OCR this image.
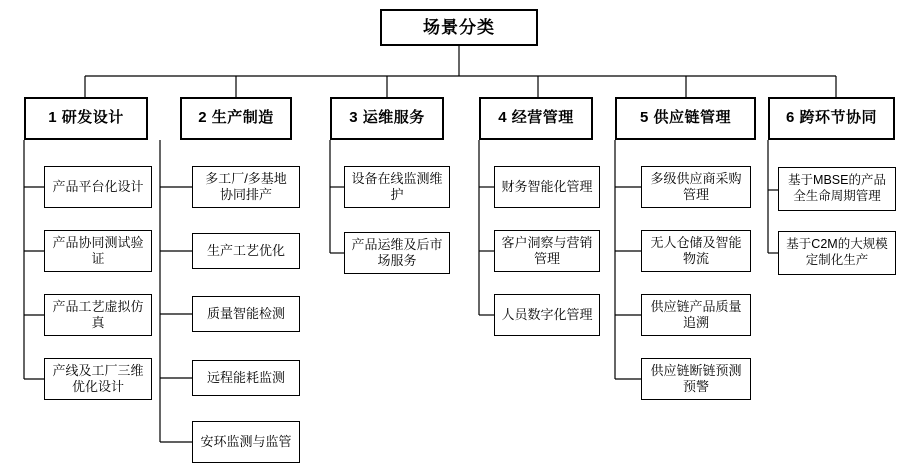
场景分类
1 研发设计
产品平台化设计
产品协同测试验证
产品工艺虚拟仿真
产线及工厂三维优化设计
2 生产制造
多工厂/多基地协同排产
生产工艺优化
质量智能检测
远程能耗监测
安环监测与监管
3 运维服务
设备在线监测维护
产品运维及后市场服务
4 经营管理
财务智能化管理
客户洞察与营销管理
人员数字化管理
5 供应链管理
多级供应商采购管理
无人仓储及智能物流
供应链产品质量追溯
供应链断链预测预警
6 跨环节协同
基于MBSE的产品全生命周期管理
基于C2M的大规模定制化生产
